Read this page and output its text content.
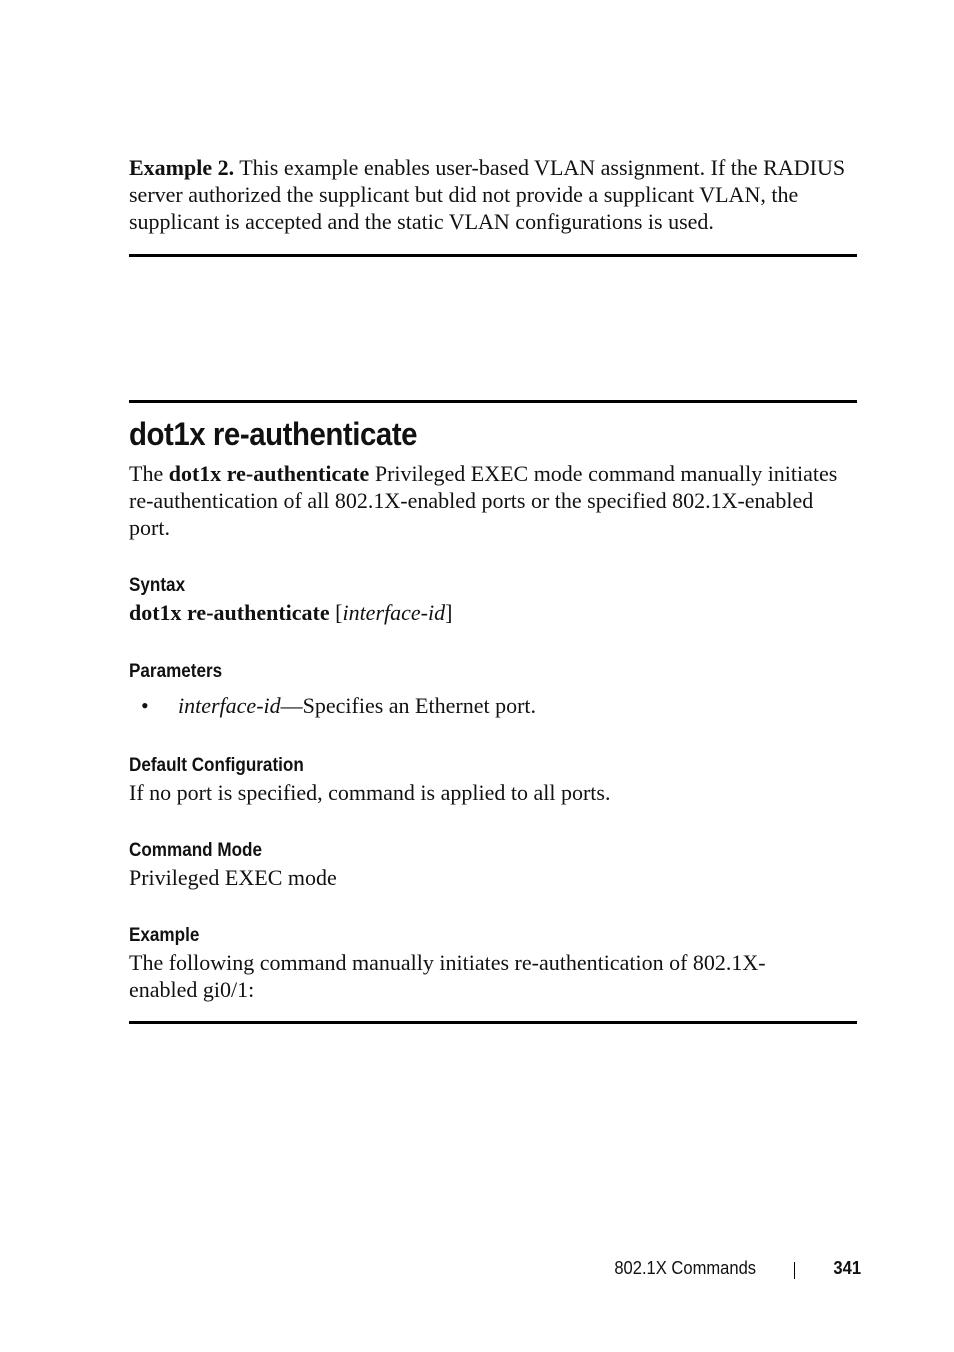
Example 2. This example enables user-based VLAN assignment. If the RADIUS server authorized the supplicant but did not provide a supplicant VLAN, the supplicant is accepted and the static VLAN configurations is used.

dot1x re-authenticate

The dot1x re-authenticate Privileged EXEC mode command manually initiates re-authentication of all 802.1X-enabled ports or the specified 802.1X-enabled port.

Syntax
dot1x re-authenticate [interface-id]
Parameters
• interface-id—Specifies an Ethernet port.
Default Configuration
If no port is specified, command is applied to all ports.
Command Mode
Privileged EXEC mode
Example
The following command manually initiates re-authentication of 802.1X-enabled gi0/1:
802.1X Commands	341
